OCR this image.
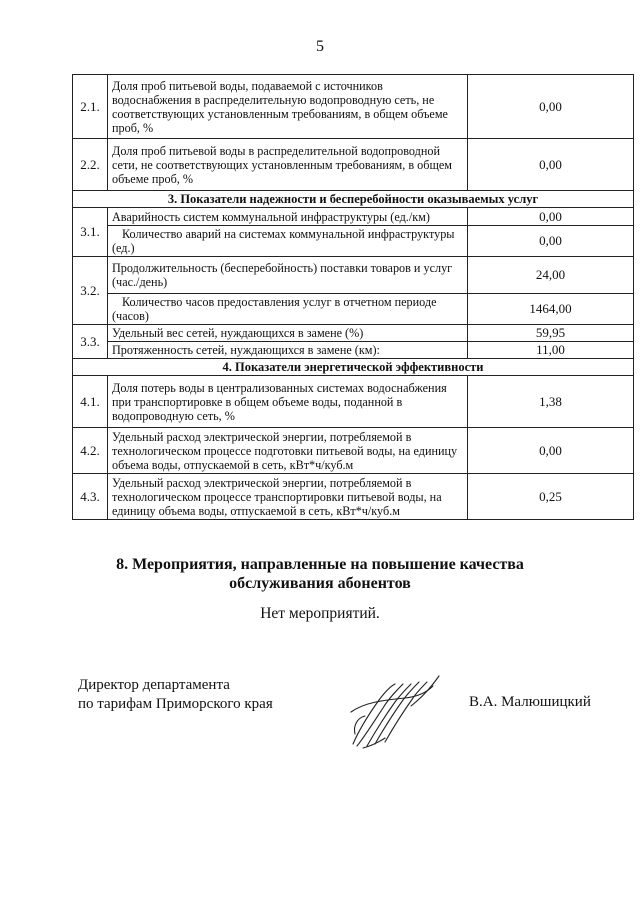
5
2.1.	Доля проб питьевой воды, подаваемой с источников водоснабжения в распределительную водопроводную сеть, не соответствующих установленным требованиям, в общем объеме проб, %	0,00
2.2.	Доля проб питьевой воды в распределительной водопроводной сети, не соответствующих установленным требованиям, в общем объеме проб, %	0,00
3. Показатели надежности и бесперебойности оказываемых услуг		
3.1.	Аварийность систем коммунальной инфраструктуры (ед./км)	0,00
	Количество аварий на системах коммунальной инфраструктуры (ед.)	0,00
3.2.	Продолжительность (бесперебойность) поставки товаров и услуг (час./день)	24,00
	Количество часов предоставления услуг в отчетном периоде (часов)	1464,00
3.3.	Удельный вес сетей, нуждающихся в замене (%)	59,95
	Протяженность сетей, нуждающихся в замене (км):	11,00
4. Показатели энергетической эффективности		
4.1.	Доля потерь воды в централизованных системах водоснабжения при транспортировке в общем объеме воды, поданной в водопроводную сеть, %	1,38
4.2.	Удельный расход электрической энергии, потребляемой в технологическом процессе подготовки питьевой воды, на единицу объема воды, отпускаемой в сеть, кВт*ч/куб.м	0,00
4.3.	Удельный расход электрической энергии, потребляемой в технологическом процессе транспортировки питьевой воды, на единицу объема воды, отпускаемой в сеть, кВт*ч/куб.м	0,25
8. Мероприятия, направленные на повышение качества
обслуживания абонентов
Нет мероприятий.
Директор департамента
по тарифам Приморского края	В.А. Малюшицкий
